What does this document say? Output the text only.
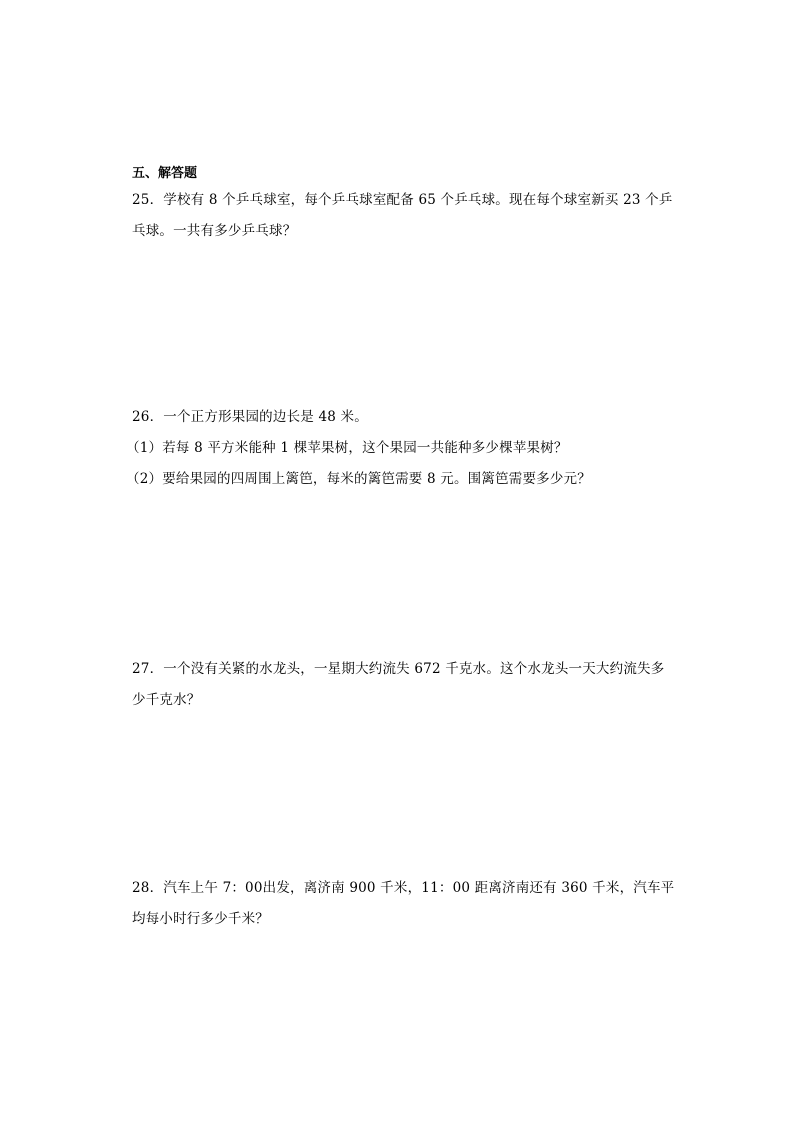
五、解答题
25．学校有 8 个乒乓球室，每个乒乓球室配备 65 个乒乓球。现在每个球室新买 23 个乒
乓球。一共有多少乒乓球？
26．一个正方形果园的边长是 48 米。
（1）若每 8 平方米能种 1 棵苹果树，这个果园一共能种多少棵苹果树？
（2）要给果园的四周围上篱笆，每米的篱笆需要 8 元。围篱笆需要多少元？
27．一个没有关紧的水龙头，一星期大约流失 672 千克水。这个水龙头一天大约流失多
少千克水？
28．汽车上午 7：00出发，离济南 900 千米，11：00 距离济南还有 360 千米，汽车平
均每小时行多少千米？
